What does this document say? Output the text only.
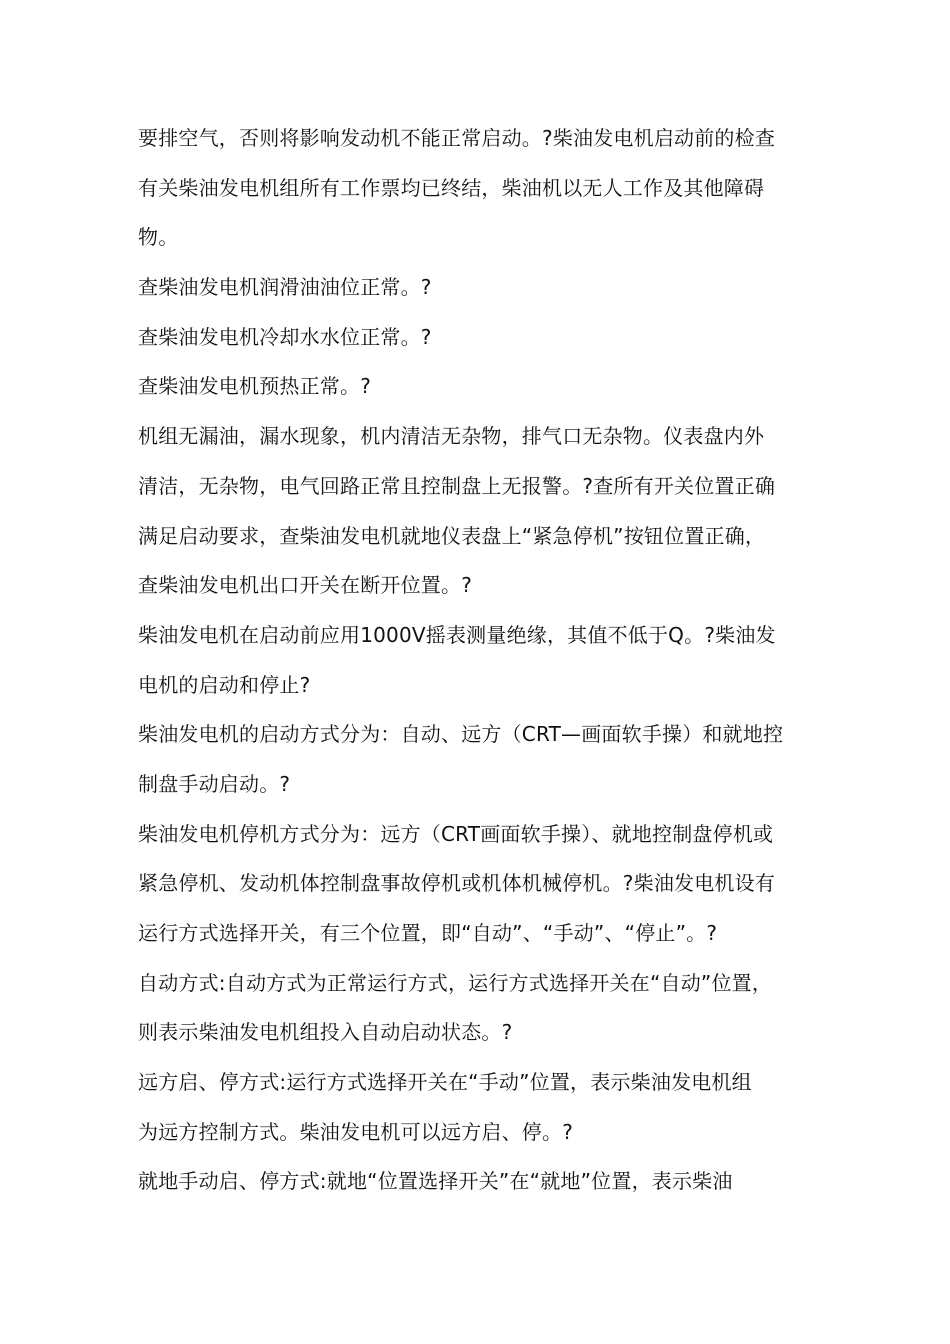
要排空气，否则将影响发动机不能正常启动。?柴油发电机启动前的检查
有关柴油发电机组所有工作票均已终结，柴油机以无人工作及其他障碍
物。
查柴油发电机润滑油油位正常。?
查柴油发电机冷却水水位正常。?
查柴油发电机预热正常。?
机组无漏油，漏水现象，机内清洁无杂物，排气口无杂物。仪表盘内外
清洁，无杂物，电气回路正常且控制盘上无报警。?查所有开关位置正确
满足启动要求，查柴油发电机就地仪表盘上“紧急停机”按钮位置正确，
查柴油发电机出口开关在断开位置。?
柴油发电机在启动前应用1000V摇表测量绝缘，其值不低于Q。?柴油发
电机的启动和停止?
柴油发电机的启动方式分为：自动、远方（CRT—画面软手操）和就地控
制盘手动启动。?
柴油发电机停机方式分为：远方（CRT画面软手操）、就地控制盘停机或
紧急停机、发动机体控制盘事故停机或机体机械停机。?柴油发电机设有
运行方式选择开关，有三个位置，即“自动”、“手动”、“停止”。?
自动方式:自动方式为正常运行方式，运行方式选择开关在“自动”位置，
则表示柴油发电机组投入自动启动状态。?
远方启、停方式:运行方式选择开关在“手动”位置，表示柴油发电机组
为远方控制方式。柴油发电机可以远方启、停。?
就地手动启、停方式:就地“位置选择开关”在“就地”位置，表示柴油
